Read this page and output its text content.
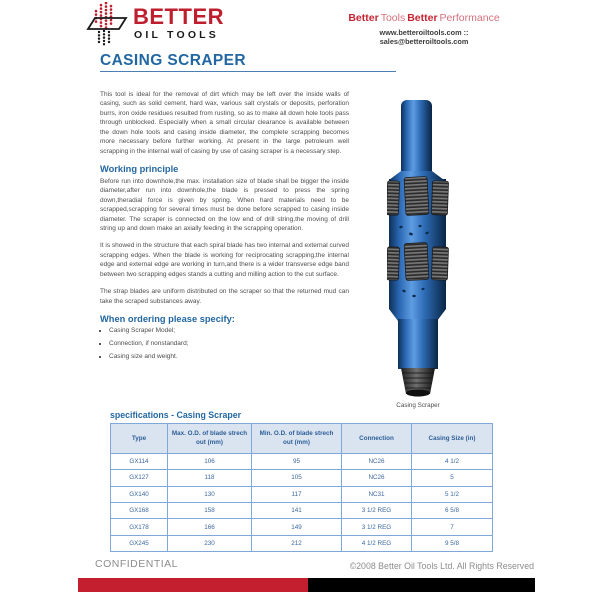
BETTER
OIL TOOLS
Better Tools Better Performance
www.betteroiltools.com :: sales@betteroiltools.com
CASING SCRAPER

This tool is ideal for the removal of dirt which may be left over the inside walls of casing, such as solid cement, hard wax, various salt crystals or deposits, perforation burrs, iron oxide residues resulted from rusting, so as to make all down hole tools pass through unblocked. Especially when a small circular clearance is available between the down hole tools and casing inside diameter, the complete scrapping becomes more necessary before further working. At present in the large petroleum well scrapping in the internal wall of casing by use of casing scraper is a necessary step.

Working principle

Before run into downhole,the max. installation size of blade shall be bigger the inside diameter,after run into downhole,the blade is pressed to press the spring down,theradial force is given by spring. When hard materials need to be scrapped,scrapping for several times must be done before scrapped to casing inside diameter. The scraper is connected on the low end of drill string,the moving of drill string up and down make an axially feeding in the scrapping operation.

It is showed in the structure that each spiral blade has two internal and external curved scrapping edges. When the blade is working for reciprocating scrapping,the internal edge and external edge are working in turn,and there is a wider transverse edge band between two scrapping edges stands a cutting and milling action to the cut surface.

The strap blades are uniform distributed on the scraper so that the returned mud can take the scraped substances away.

When ordering please specify:
• Casing Scraper Model;
• Connection, if nonstandard;
• Casing size and weight.
Casing Scraper
specifications - Casing Scraper
Type	Max. O.D. of blade strech out (mm)	Min. O.D. of blade strech out (mm)	Connection	Casing Size (in)
GX114	106	95	NC26	4 1/2
GX127	118	105	NC26	5
GX140	130	117	NC31	5 1/2
GX168	158	141	3 1/2 REG	6 5/8
GX178	166	149	3 1/2 REG	7
GX245	230	212	4 1/2 REG	9 5/8
CONFIDENTIAL	©2008 Better Oil Tools Ltd. All Rights Reserved
